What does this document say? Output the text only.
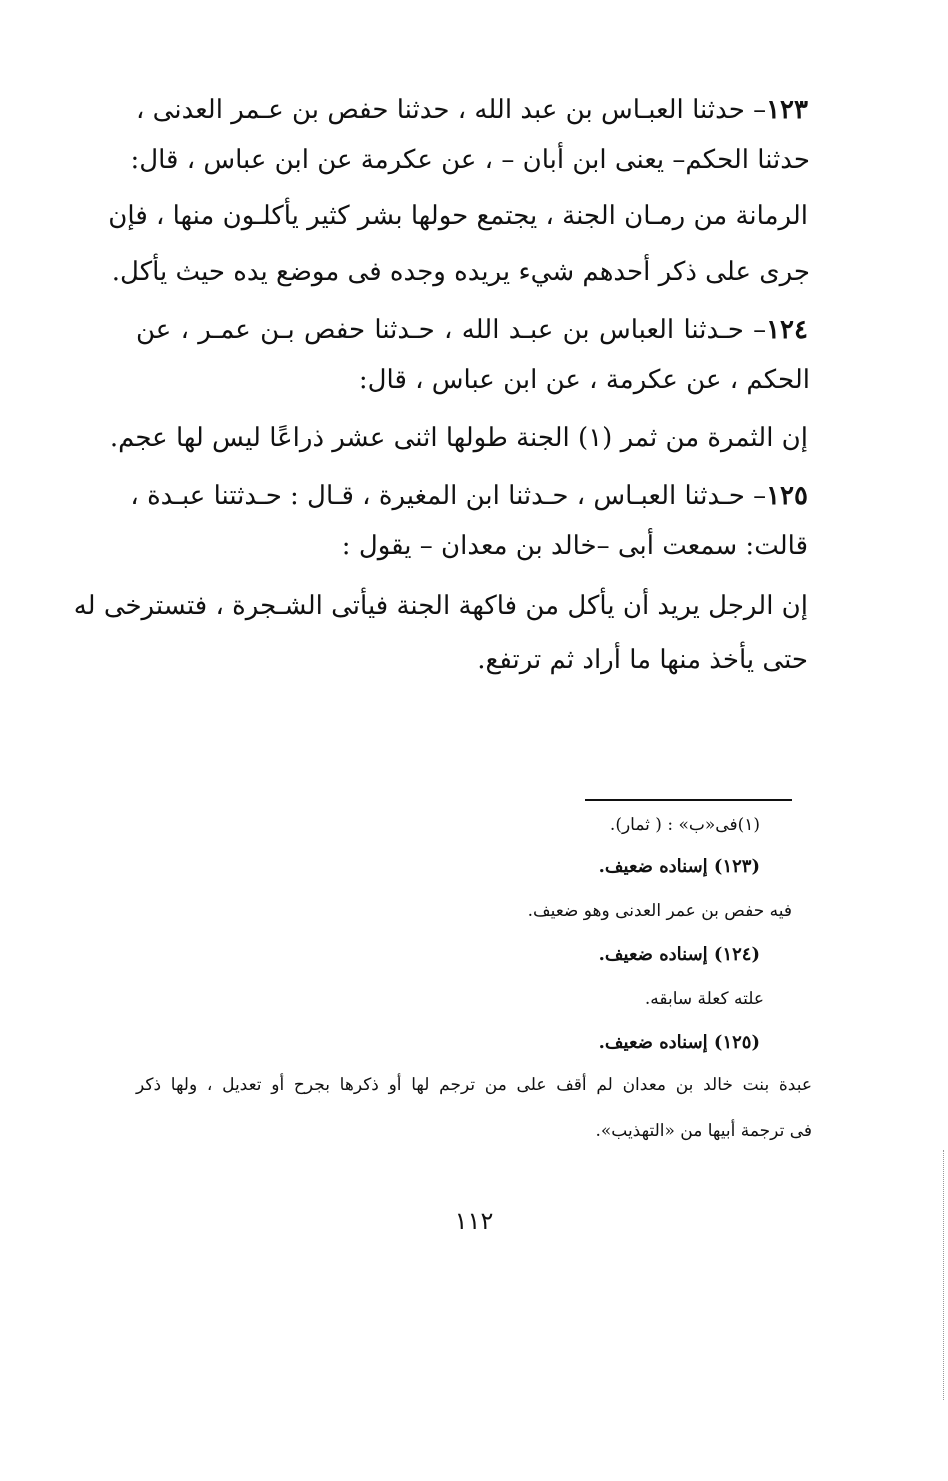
١٢٣– حدثنا العبـاس بن عبد الله ، حدثنا حفص بن عـمر العدنى ،
حدثنا الحكم– يعنى ابن أبان – ، عن عكرمة عن ابن عباس ، قال:
الرمانة من رمـان الجنة ، يجتمع حولها بشر كثير يأكلـون منها ، فإن
جرى على ذكر أحدهم شيء يريده وجده فى موضع يده حيث يأكل.
١٢٤– حـدثنا العباس بن عبـد الله ، حـدثنا حفص بـن عمـر ، عن
الحكم ، عن عكرمة ، عن ابن عباس ، قال:
إن الثمرة من ثمر (١) الجنة طولها اثنى عشر ذراعًا ليس لها عجم.
١٢٥– حـدثنا العبـاس ، حـدثنا ابن المغيرة ، قـال : حـدثتنا عبـدة ،
قالت: سمعت أبى –خالد بن معدان – يقول :
إن الرجل يريد أن يأكل من فاكهة الجنة فيأتى الشـجرة ، فتسترخى له
حتى يأخذ منها ما أراد ثم ترتفع.
(١)فى«ب» : ( ثمار).
(١٢٣) إسناده ضعيف.
فيه حفص بن عمر العدنى وهو ضعيف.
(١٢٤) إسناده ضعيف.
علته كعلة سابقه.
(١٢٥) إسناده ضعيف.
عبدة بنت خالد بن معدان لم أقف على من ترجم لها أو ذكرها بجرح أو تعديل ، ولها ذكر
فى ترجمة أبيها من «التهذيب».
١١٢
